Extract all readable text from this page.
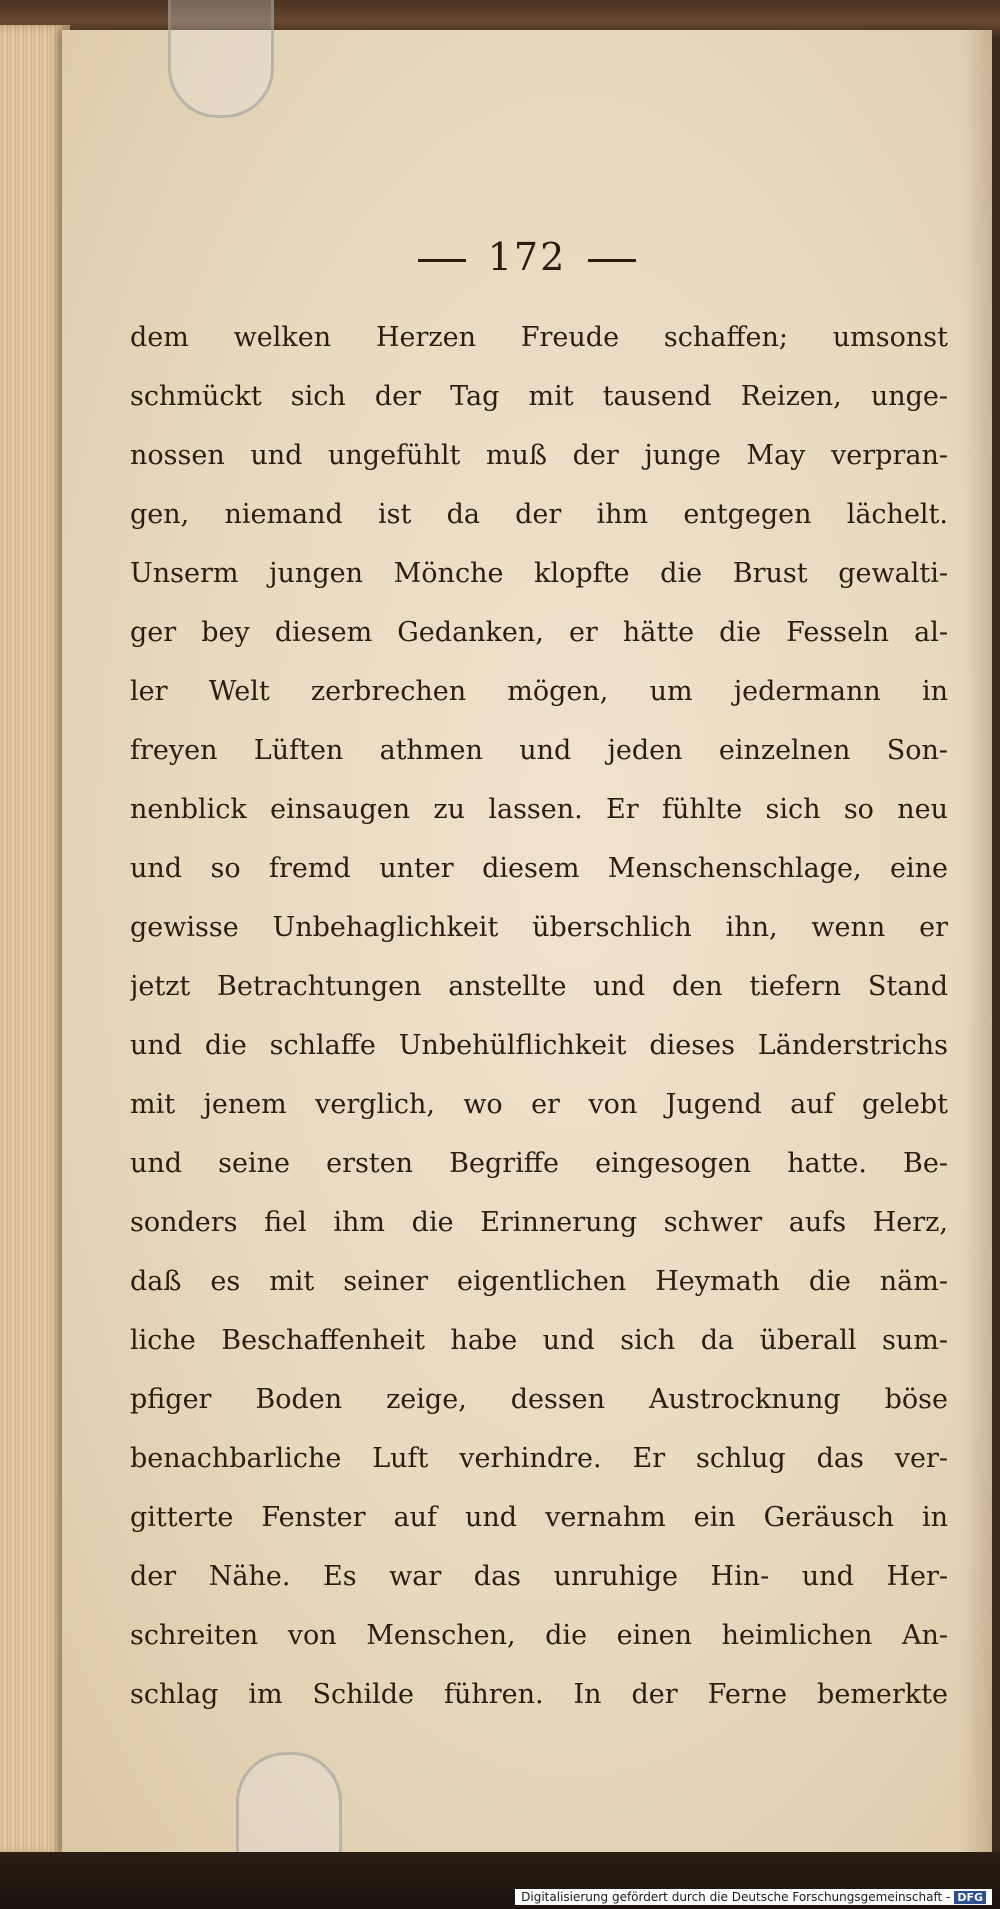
172
dem welken Herzen Freude schaffen; umsonst
schmückt sich der Tag mit tausend Reizen, unge-
nossen und ungefühlt muß der junge May verpran-
gen, niemand ist da der ihm entgegen lächelt.
Unserm jungen Mönche klopfte die Brust gewalti-
ger bey diesem Gedanken, er hätte die Fesseln al-
ler Welt zerbrechen mögen, um jedermann in
freyen Lüften athmen und jeden einzelnen Son-
nenblick einsaugen zu lassen. Er fühlte sich so neu
und so fremd unter diesem Menschenschlage, eine
gewisse Unbehaglichkeit überschlich ihn, wenn er
jetzt Betrachtungen anstellte und den tiefern Stand
und die schlaffe Unbehülflichkeit dieses Länderstrichs
mit jenem verglich, wo er von Jugend auf gelebt
und seine ersten Begriffe eingesogen hatte. Be-
sonders fiel ihm die Erinnerung schwer aufs Herz,
daß es mit seiner eigentlichen Heymath die näm-
liche Beschaffenheit habe und sich da überall sum-
pfiger Boden zeige, dessen Austrocknung böse
benachbarliche Luft verhindre. Er schlug das ver-
gitterte Fenster auf und vernahm ein Geräusch in
der Nähe. Es war das unruhige Hin- und Her-
schreiten von Menschen, die einen heimlichen An-
schlag im Schilde führen. In der Ferne bemerkte
Digitalisierung gefördert durch die Deutsche Forschungsgemeinschaft - DFG
